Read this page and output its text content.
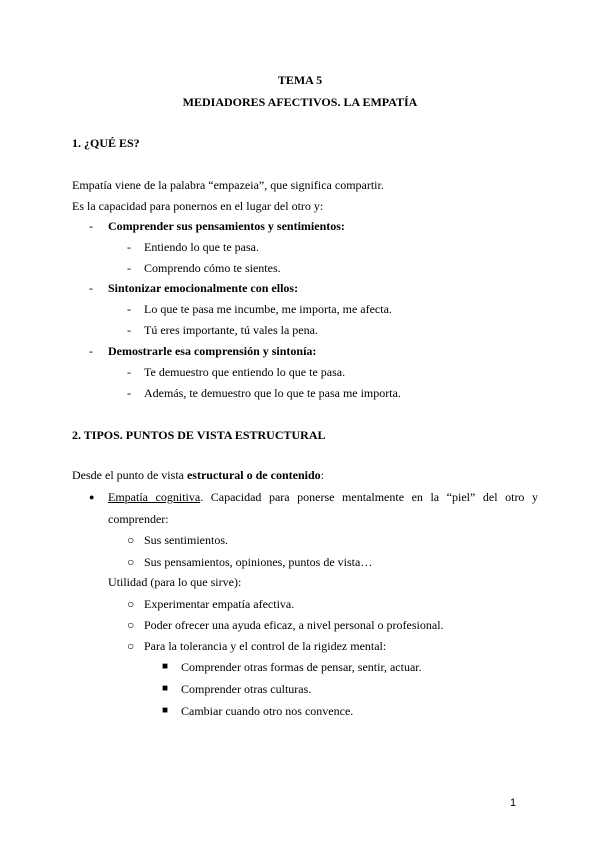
TEMA 5
MEDIADORES AFECTIVOS. LA EMPATÍA
1. ¿QUÉ ES?
Empatía viene de la palabra “empazeia”, que significa compartir.
Es la capacidad para ponernos en el lugar del otro y:
- Comprender sus pensamientos y sentimientos:
- Entiendo lo que te pasa.
- Comprendo cómo te sientes.
- Sintonizar emocionalmente con ellos:
- Lo que te pasa me incumbe, me importa, me afecta.
- Tú eres importante, tú vales la pena.
- Demostrarle esa comprensión y sintonía:
- Te demuestro que entiendo lo que te pasa.
- Además, te demuestro que lo que te pasa me importa.
2. TIPOS. PUNTOS DE VISTA ESTRUCTURAL
Desde el punto de vista estructural o de contenido:
● Empatía cognitiva. Capacidad para ponerse mentalmente en la “piel” del otro y
comprender:
○ Sus sentimientos.
○ Sus pensamientos, opiniones, puntos de vista…
Utilidad (para lo que sirve):
○ Experimentar empatía afectiva.
○ Poder ofrecer una ayuda eficaz, a nivel personal o profesional.
○ Para la tolerancia y el control de la rigidez mental:
■ Comprender otras formas de pensar, sentir, actuar.
■ Comprender otras culturas.
■ Cambiar cuando otro nos convence.
1
